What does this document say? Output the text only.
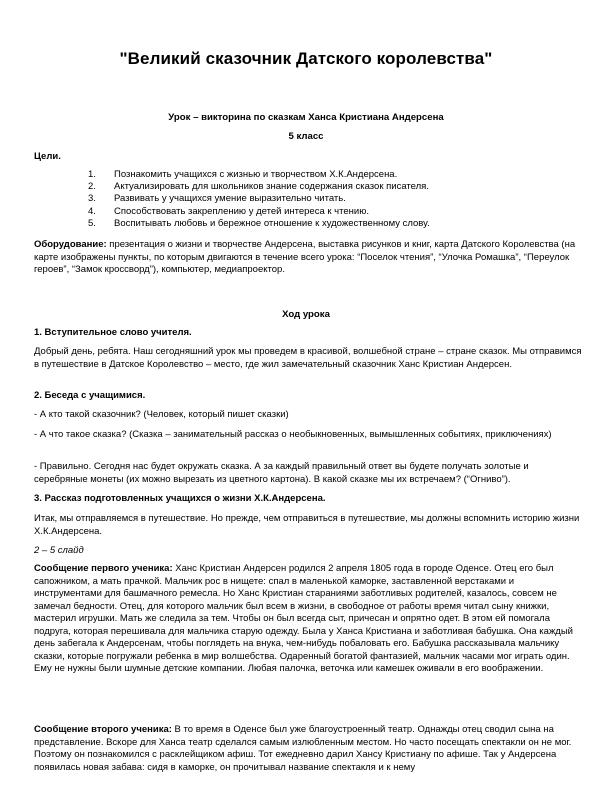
"Великий сказочник Датского королевства"
Урок – викторина по сказкам Ханса Кристиана Андерсена
5 класс
Цели.
1. Познакомить учащихся с жизнью и творчеством Х.К.Андерсена.
2. Актуализировать для школьников знание содержания сказок писателя.
3. Развивать у учащихся умение выразительно читать.
4. Способствовать закреплению у детей интереса к чтению.
5. Воспитывать любовь и бережное отношение к художественному слову.
Оборудование: презентация о жизни и творчестве Андерсена, выставка рисунков и книг, карта Датского Королевства (на карте изображены пункты, по которым двигаются в течение всего урока: “Поселок чтения”, “Улочка Ромашка”, “Переулок героев”, “Замок кроссворд”), компьютер, медиапроектор.
Ход урока
1. Вступительное слово учителя.
Добрый день, ребята. Наш сегодняшний урок мы проведем в красивой, волшебной стране – стране сказок. Мы отправимся в путешествие в Датское Королевство – место, где жил замечательный сказочник Ханс Кристиан Андерсен.
2. Беседа с учащимися.
- А кто такой сказочник? (Человек, который пишет сказки)
- А что такое сказка? (Сказка – занимательный рассказ о необыкновенных, вымышленных событиях, приключениях)
- Правильно. Сегодня нас будет окружать сказка. А за каждый правильный ответ вы будете получать золотые и серебряные монеты (их можно вырезать из цветного картона). В какой сказке мы их встречаем? (“Огниво”).
3. Рассказ подготовленных учащихся о жизни Х.К.Андерсена.
Итак, мы отправляемся в путешествие. Но прежде, чем отправиться в путешествие, мы должны вспомнить историю жизни Х.К.Андерсена.
2 – 5 слайд
Сообщение первого ученика: Ханс Кристиан Андерсен родился 2 апреля 1805 года в городе Оденсе. Отец его был сапожником, а мать прачкой. Мальчик рос в нищете: спал в маленькой каморке, заставленной верстаками и инструментами для башмачного ремесла. Но Ханс Кристиан стараниями заботливых родителей, казалось, совсем не замечал бедности. Отец, для которого мальчик был всем в жизни, в свободное от работы время читал сыну книжки, мастерил игрушки. Мать же следила за тем. Чтобы он был всегда сыт, причесан и опрятно одет. В этом ей помогала подруга, которая перешивала для мальчика старую одежду. Была у Ханса Кристиана и заботливая бабушка. Она каждый день забегала к Андерсенам, чтобы поглядеть на внука, чем-нибудь побаловать его. Бабушка рассказывала мальчику сказки, которые погружали ребенка в мир волшебства. Одаренный богатой фантазией, мальчик часами мог играть один. Ему не нужны были шумные детские компании. Любая палочка, веточка или камешек оживали в его воображении.
Сообщение второго ученика: В то время в Оденсе был уже благоустроенный театр. Однажды отец сводил сына на представление. Вскоре для Ханса театр сделался самым излюбленным местом. Но часто посещать спектакли он не мог. Поэтому он познакомился с расклейщиком афиш. Тот ежедневно дарил Хансу Кристиану по афише. Так у Андерсена появилась новая забава: сидя в каморке, он прочитывал название спектакля и к нему
